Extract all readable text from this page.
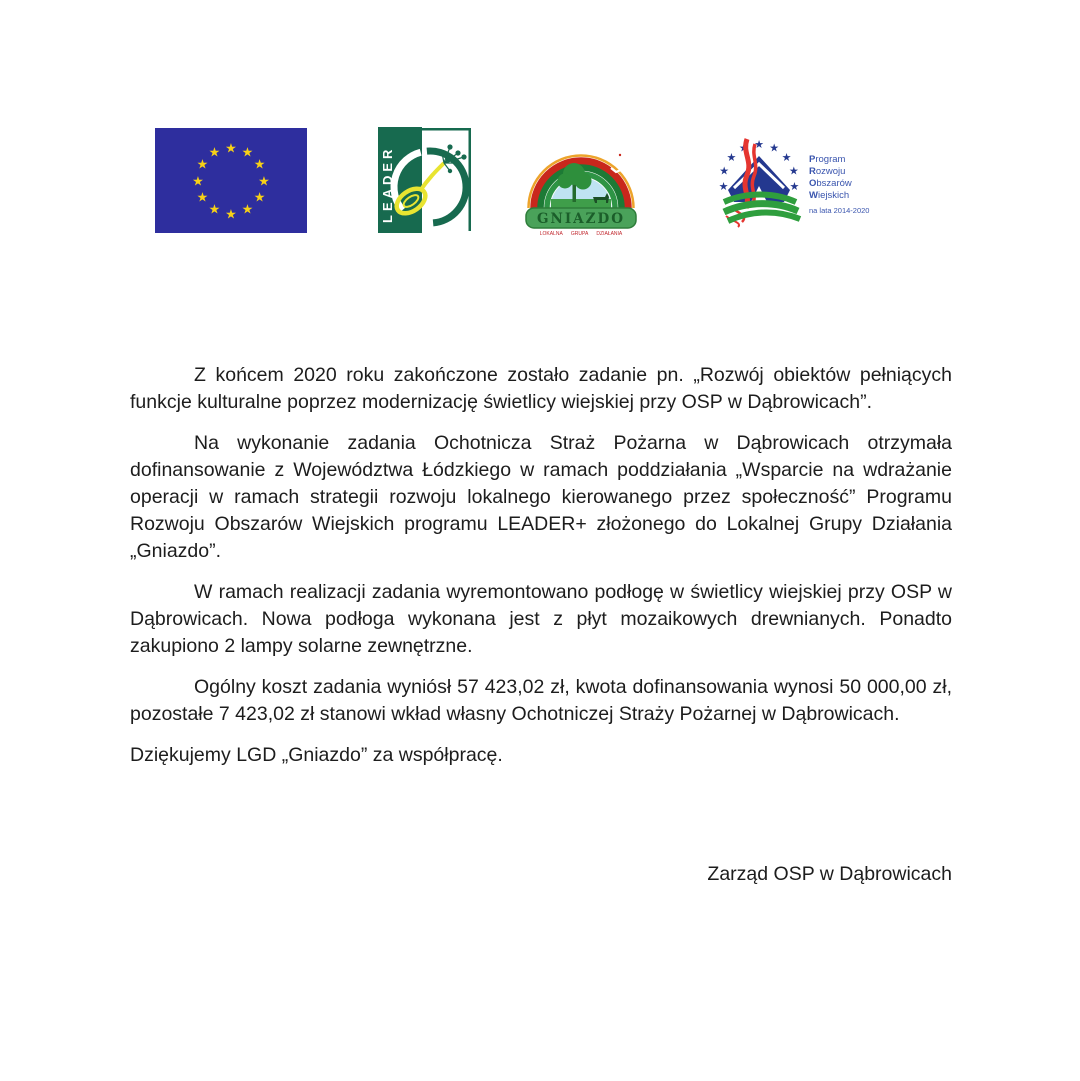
★ ★
★
★
★
★
★
★
★
★
★
★	LEADER	GNIAZDO
LOKALNA GRUPA DZIAŁANIA
★
★
★
★ ★ ★
★
★
★
Program
Rozwoju
Obszarów
Wiejskich
na lata 2014-2020

Z końcem 2020 roku zakończone zostało zadanie pn. „Rozwój obiektów pełniących funkcje kulturalne poprzez modernizację świetlicy wiejskiej przy OSP w Dąbrowicach”.

Na wykonanie zadania Ochotnicza Straż Pożarna w Dąbrowicach otrzymała dofinansowanie z Województwa Łódzkiego w ramach poddziałania „Wsparcie na wdrażanie operacji w ramach strategii rozwoju lokalnego kierowanego przez społeczność” Programu Rozwoju Obszarów Wiejskich programu LEADER+ złożonego do Lokalnej Grupy Działania „Gniazdo”.

W ramach realizacji zadania wyremontowano podłogę w świetlicy wiejskiej przy OSP w Dąbrowicach. Nowa podłoga wykonana jest z płyt mozaikowych drewnianych. Ponadto zakupiono 2 lampy solarne zewnętrzne.

Ogólny koszt zadania wyniósł 57 423,02 zł, kwota dofinansowania wynosi 50 000,00 zł, pozostałe 7 423,02 zł stanowi wkład własny Ochotniczej Straży Pożarnej w Dąbrowicach.

Dziękujemy LGD „Gniazdo” za współpracę.

Zarząd OSP w Dąbrowicach
